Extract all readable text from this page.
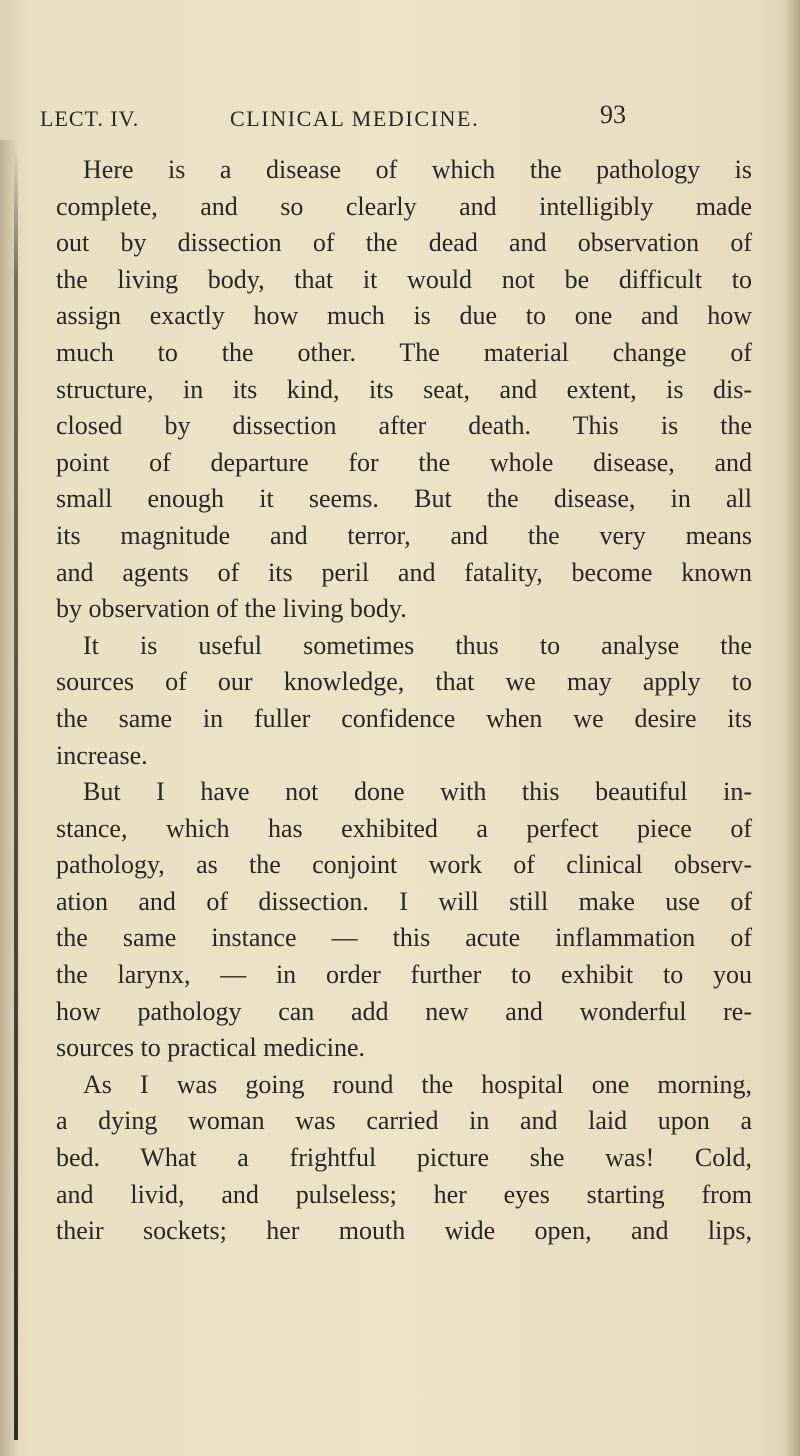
LECT. IV.	CLINICAL MEDICINE.	93
Here is a disease of which the pathology is
complete, and so clearly and intelligibly made
out by dissection of the dead and observation of
the living body, that it would not be difficult to
assign exactly how much is due to one and how
much to the other. The material change of
structure, in its kind, its seat, and extent, is dis-
closed by dissection after death. This is the
point of departure for the whole disease, and
small enough it seems. But the disease, in all
its magnitude and terror, and the very means
and agents of its peril and fatality, become known
by observation of the living body.
It is useful sometimes thus to analyse the
sources of our knowledge, that we may apply to
the same in fuller confidence when we desire its
increase.
But I have not done with this beautiful in-
stance, which has exhibited a perfect piece of
pathology, as the conjoint work of clinical observ-
ation and of dissection. I will still make use of
the same instance — this acute inflammation of
the larynx, — in order further to exhibit to you
how pathology can add new and wonderful re-
sources to practical medicine.
As I was going round the hospital one morning,
a dying woman was carried in and laid upon a
bed. What a frightful picture she was! Cold,
and livid, and pulseless; her eyes starting from
their sockets; her mouth wide open, and lips,
